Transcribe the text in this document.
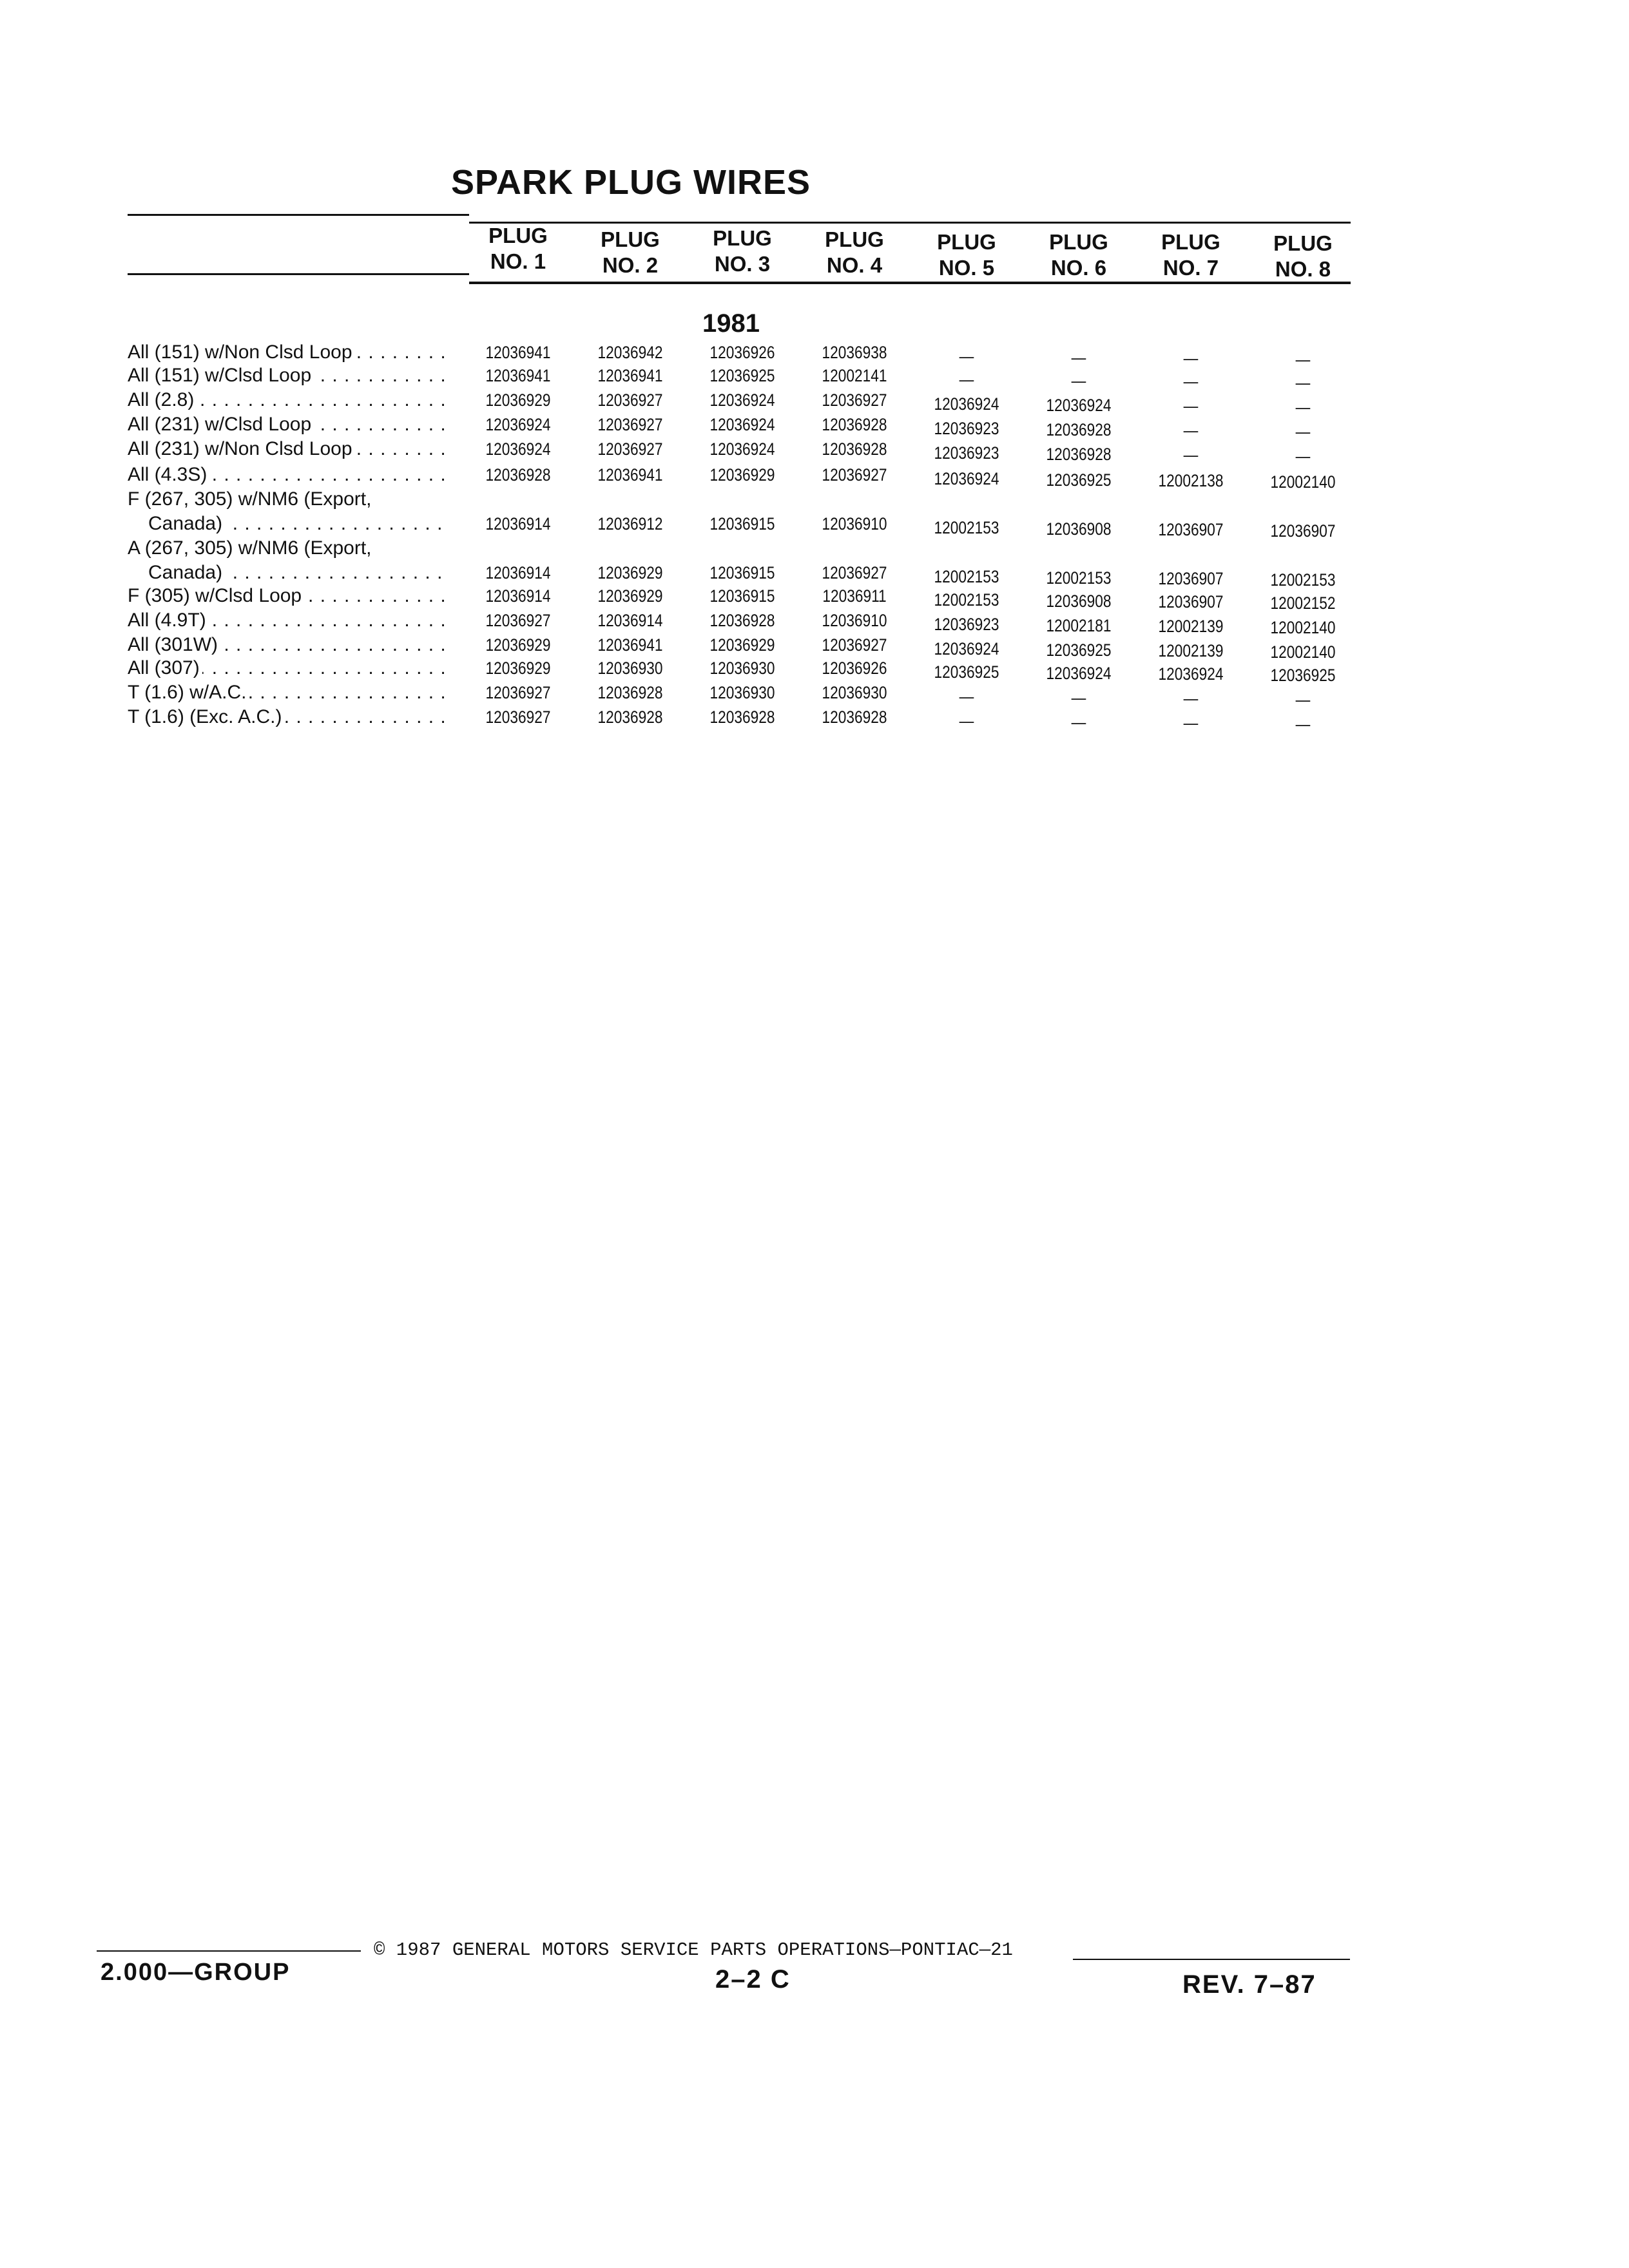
SPARK PLUG WIRES
PLUG
NO. 1
PLUG
NO. 2
PLUG
NO. 3
PLUG
NO. 4
PLUG
NO. 5
PLUG
NO. 6
PLUG
NO. 7
PLUG
NO. 8
1981
All (151) w/Non Clsd Loop . . .	12036941	12036942	12036926	12036938	—	—	—	—
All (151) w/Clsd Loop . . .	12036941	12036941	12036925	12002141	—	—	—	—
All (2.8) . . .	12036929	12036927	12036924	12036927	12036924	12036924	—	—
All (231) w/Clsd Loop . . .	12036924	12036927	12036924	12036928	12036923	12036928	—	—
All (231) w/Non Clsd Loop . . .	12036924	12036927	12036924	12036928	12036923	12036928	—	—
All (4.3S) . . .	12036928	12036941	12036929	12036927	12036924	12036925	12002138	12002140
F (267, 305) w/NM6 (Export,
Canada) . . .	12036914	12036912	12036915	12036910	12002153	12036908	12036907	12036907
A (267, 305) w/NM6 (Export,
Canada) . . .	12036914	12036929	12036915	12036927	12002153	12002153	12036907	12002153
F (305) w/Clsd Loop . . .	12036914	12036929	12036915	12036911	12002153	12036908	12036907	12002152
All (4.9T) . . .	12036927	12036914	12036928	12036910	12036923	12002181	12002139	12002140
All (301W) . . .	12036929	12036941	12036929	12036927	12036924	12036925	12002139	12002140
All (307) . . .	12036929	12036930	12036930	12036926	12036925	12036924	12036924	12036925
T (1.6) w/A.C. . . .	12036927	12036928	12036930	12036930	—	—	—	—
T (1.6) (Exc. A.C.) . . .	12036927	12036928	12036928	12036928	—	—	—	—
© 1987 GENERAL MOTORS SERVICE PARTS OPERATIONS—PONTIAC—21
2.000—GROUP	2–2 C	REV. 7–87
